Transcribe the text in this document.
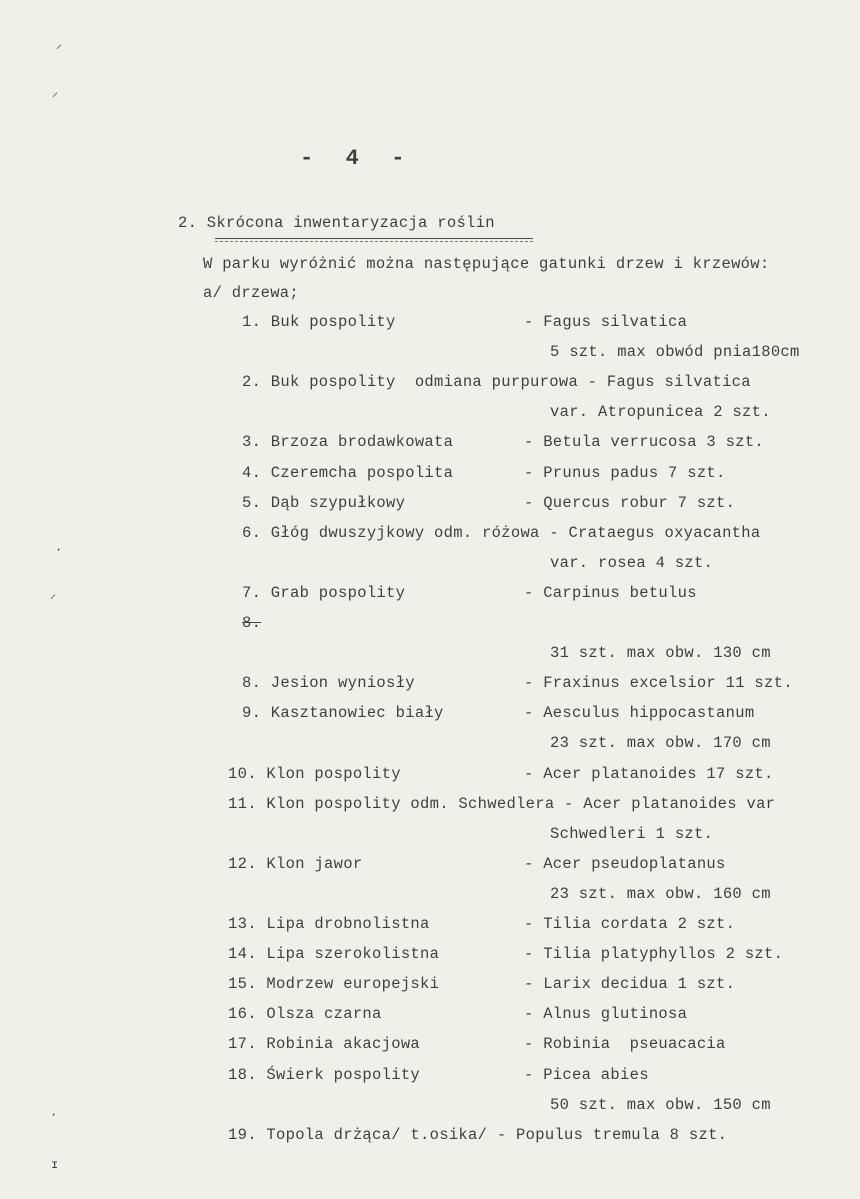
-  4  -
2. Skrócona inwentaryzacja roślin
W parku wyróżnić można następujące gatunki drzew i krzewów:
a/ drzewa;
1. Buk pospolity	- Fagus silvatica
5 szt. max obwód pnia180cm
2. Buk pospolity  odmiana purpurowa - Fagus silvatica
var. Atropunicea 2 szt.
3. Brzoza brodawkowata	- Betula verrucosa 3 szt.
4. Czeremcha pospolita	- Prunus padus 7 szt.
5. Dąb szypułkowy	- Quercus robur 7 szt.
6. Głóg dwuszyjkowy odm. różowa - Crataegus oxyacantha
var. rosea 4 szt.
7. Grab pospolity	- Carpinus betulus
8.
31 szt. max obw. 130 cm
8. Jesion wyniosły	- Fraxinus excelsior 11 szt.
9. Kasztanowiec biały	- Aesculus hippocastanum
23 szt. max obw. 170 cm
10. Klon pospolity	- Acer platanoides 17 szt.
11. Klon pospolity odm. Schwedlera - Acer platanoides var
Schwedleri 1 szt.
12. Klon jawor	- Acer pseudoplatanus
23 szt. max obw. 160 cm
13. Lipa drobnolistna	- Tilia cordata 2 szt.
14. Lipa szerokolistna	- Tilia platyphyllos 2 szt.
15. Modrzew europejski	- Larix decidua 1 szt.
16. Olsza czarna	- Alnus glutinosa
17. Robinia akacjowa	- Robinia  pseuacacia
18. Świerk pospolity	- Picea abies
50 szt. max obw. 150 cm
19. Topola drżąca/ t.osika/ - Populus tremula 8 szt.
⸍
⸍
·
⸍
·
ɪ
